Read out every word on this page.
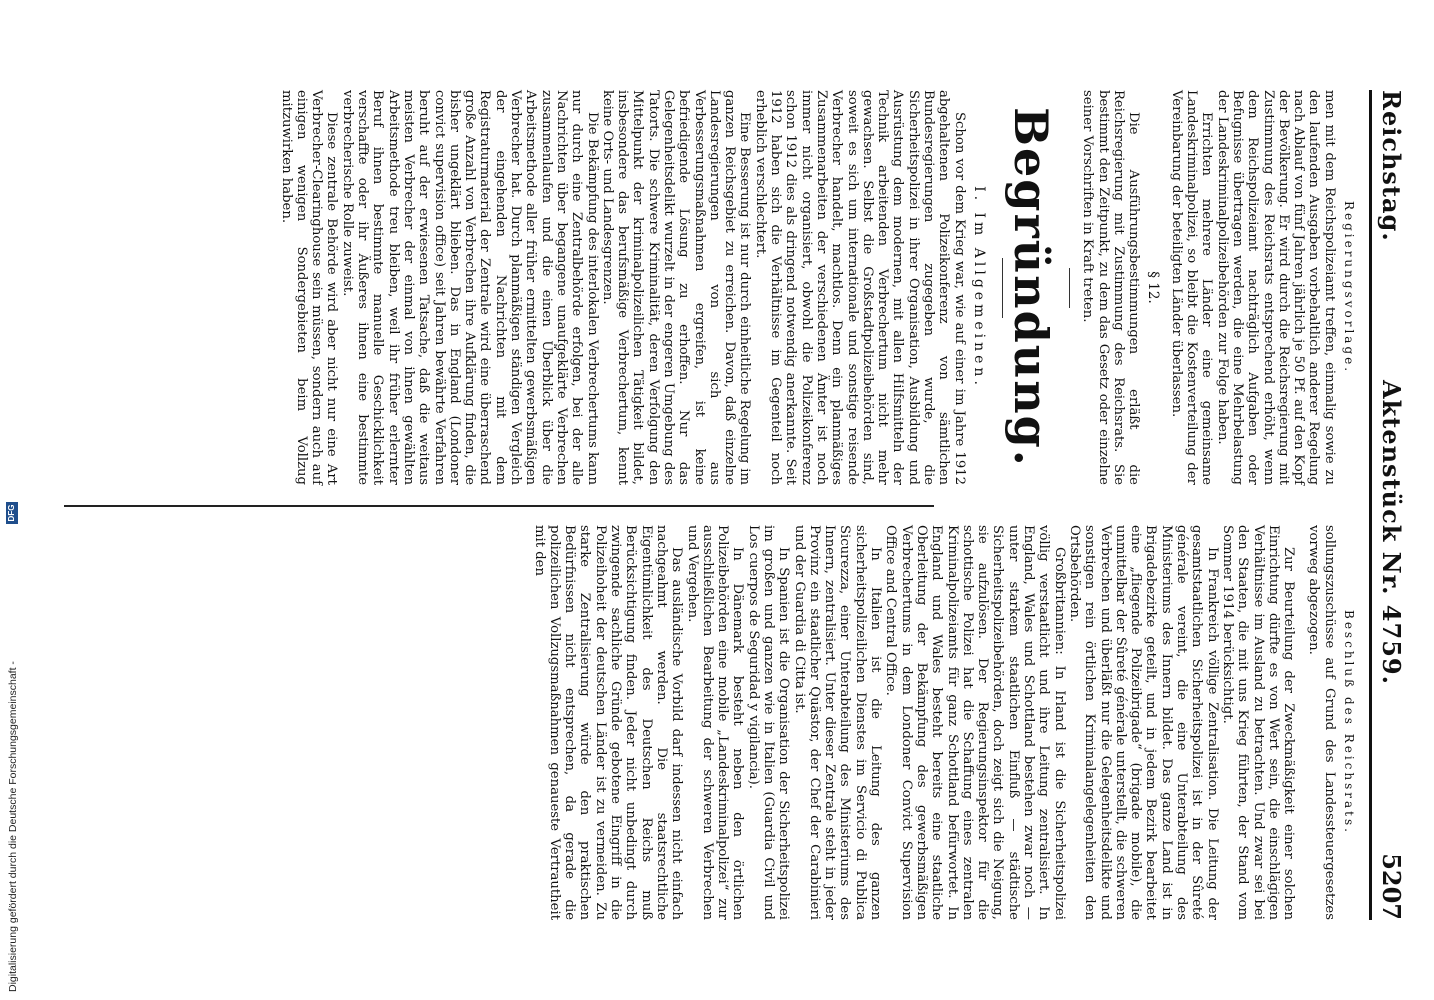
Reichstag.
Aktenstück Nr. 4759.
5207
Regierungsvorlage.

men mit dem Reichspolizeiamt treffen, einmalig sowie zu den laufenden Ausgaben vorbehaltlich anderer Regelung nach Ablauf von fünf Jahren jährlich je 50 Pf. auf den Kopf der Bevölkerung. Er wird durch die Reichsregierung mit Zustimmung des Reichsrats entsprechend erhöht, wenn dem Reichspolizeiamt nachträglich Aufgaben oder Befugnisse übertragen werden, die eine Mehrbelastung der Landeskriminalpolizeibehörden zur Folge haben.

Errichten mehrere Länder eine gemeinsame Landeskriminalpolizei, so bleibt die Kostenverteilung der Vereinbarung der beteiligten Länder überlassen.

§ 12.

Die Ausführungsbestimmungen erläßt die Reichsregierung mit Zustimmung des Reichsrats. Sie bestimmt den Zeitpunkt, zu dem das Gesetz oder einzelne seiner Vorschriften in Kraft treten.

Begründung.
I. Im Allgemeinen.

Schon vor dem Krieg war, wie auf einer im Jahre 1912 abgehaltenen Polizeikonferenz von sämtlichen Bundesregierungen zugegeben wurde, die Sicherheitspolizei in ihrer Organisation, Ausbildung und Ausrüstung dem modernen, mit allen Hilfsmitteln der Technik arbeitenden Verbrechertum nicht mehr gewachsen. Selbst die Großstadtpolizeibehörden sind, soweit es sich um internationale und sonstige reisende Verbrecher handelt, machtlos. Denn ein planmäßiges Zusammenarbeiten der verschiedenen Ämter ist noch immer nicht organisiert, obwohl die Polizeikonferenz schon 1912 dies als dringend notwendig anerkannte. Seit 1912 haben sich die Verhältnisse im Gegenteil noch erheblich verschlechtert.

Eine Besserung ist nur durch einheitliche Regelung im ganzen Reichsgebiet zu erreichen. Davon, daß einzelne Landesregierungen von sich aus Verbesserungsmaßnahmen ergreifen, ist keine befriedigende Lösung zu erhoffen. Nur das Gelegenheitsdelikt wurzelt in der engeren Umgebung des Tatorts. Die schwere Kriminalität, deren Verfolgung den Mittelpunkt der kriminalpolizeilichen Tätigkeit bildet, insbesondere das berufsmäßige Verbrechertum, kennt keine Orts- und Landesgrenzen.

Die Bekämpfung des interlokalen Verbrechertums kann nur durch eine Zentralbehörde erfolgen, bei der alle Nachrichten über begangene unaufgeklärte Verbrechen zusammenlaufen und die einen Überblick über die Arbeitsmethode aller früher ermittelten gewerbsmäßigen Verbrecher hat. Durch planmäßigen ständigen Vergleich der eingehenden Nachrichten mit dem Registraturmaterial der Zentrale wird eine überraschend große Anzahl von Verbrechen ihre Aufklärung finden, die bisher ungeklärt blieben. Das in England (Londoner convict supervision office) seit Jahren bewährte Verfahren beruht auf der erwiesenen Tatsache, daß die weitaus meisten Verbrecher der einmal von ihnen gewählten Arbeitsmethode treu bleiben, weil ihr früher erlernter Beruf ihnen bestimmte manuelle Geschicklichkeit verschaffte oder ihr Äußeres ihnen eine bestimmte verbrecherische Rolle zuweist.

Diese zentrale Behörde wird aber nicht nur eine Art Verbrecher-Clearinghouse sein müssen, sondern auch auf einigen wenigen Sondergebieten beim Vollzug mitzuwirken haben.

Beschluß des Reichsrats.

sollungszuschüsse auf Grund des Landessteuergesetzes vorweg abgezogen.

Zur Beurteilung der Zweckmäßigkeit einer solchen Einrichtung dürfte es von Wert sein, die einschlägigen Verhältnisse im Ausland zu betrachten. Und zwar sei bei den Staaten, die mit uns Krieg führten, der Stand vom Sommer 1914 berücksichtigt.

In Frankreich völlige Zentralisation. Die Leitung der gesamtstaatlichen Sicherheitspolizei ist in der Sûreté générale vereint, die eine Unterabteilung des Ministeriums des Innern bildet. Das ganze Land ist in Brigadebezirke geteilt, und in jedem Bezirk bearbeitet eine „fliegende Polizeibrigade“ (brigade mobile), die unmittelbar der Sûreté générale unterstellt, die schweren Verbrechen und überläßt nur die Gelegenheitsdelikte und sonstigen rein örtlichen Kriminalangelegenheiten den Ortsbehörden.

Großbritannien: In Irland ist die Sicherheitspolizei völlig verstaatlicht und ihre Leitung zentralisiert. In England, Wales und Schottland bestehen zwar noch — unter starkem staatlichen Einfluß — städtische Sicherheitspolizeibehörden, doch zeigt sich die Neigung, sie aufzulösen. Der Regierungsinspektor für die schottische Polizei hat die Schaffung eines zentralen Kriminalpolizeiamts für ganz Schottland befürwortet. In England und Wales besteht bereits eine staatliche Oberleitung der Bekämpfung des gewerbsmäßigen Verbrechertums in dem Londoner Convict Supervision Office and Central Office.

In Italien ist die Leitung des ganzen sicherheitspolizeilichen Dienstes im Servicio di Publica Sicurezza, einer Unterabteilung des Ministeriums des Innern, zentralisiert. Unter dieser Zentrale steht in jeder Provinz ein staatlicher Quästor, der Chef der Carabinieri und der Guardia di Citta ist.

In Spanien ist die Organisation der Sicherheitspolizei im großen und ganzen wie in Italien (Guardia Civil und Los cuerpos de Seguridad y vigilancia).

In Dänemark besteht neben den örtlichen Polizeibehörden eine mobile „Landeskriminalpolizei“ zur ausschließlichen Bearbeitung der schweren Verbrechen und Vergehen.

Das ausländische Vorbild darf indessen nicht einfach nachgeahmt werden. Die staatsrechtliche Eigentümlichkeit des Deutschen Reichs muß Berücksichtigung finden. Jeder nicht unbedingt durch zwingende sachliche Gründe gebotene Eingriff in die Polizeihoheit der deutschen Länder ist zu vermeiden. Zu starke Zentralisierung würde den praktischen Bedürfnissen nicht entsprechen, da gerade die polizeilichen Vollzugsmaßnahmen genaueste Vertrautheit mit den

Digitalisierung gefördert durch die Deutsche Forschungsgemeinschaft -
DFG
